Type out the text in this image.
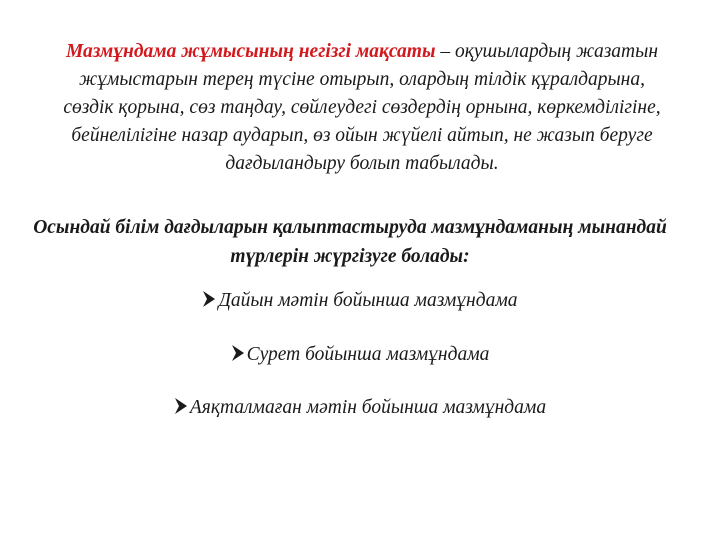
Мазмұндама жұмысының негізгі мақсаты – оқушылардың жазатын жұмыстарын терең түсіне отырып, олардың тілдік құралдарына, сөздік қорына, сөз таңдау, сөйлеудегі сөздердің орнына, көркемділігіне, бейнелілігіне назар аударып, өз ойын жүйелі айтып, не жазып беруге дағдыландыру болып табылады.
Осындай білім дағдыларын қалыптастыруда мазмұндаманың мынандай түрлерін жүргізуге болады:
Дайын мәтін бойынша мазмұндама
Сурет бойынша мазмұндама
Аяқталмаған мәтін бойынша мазмұндама
